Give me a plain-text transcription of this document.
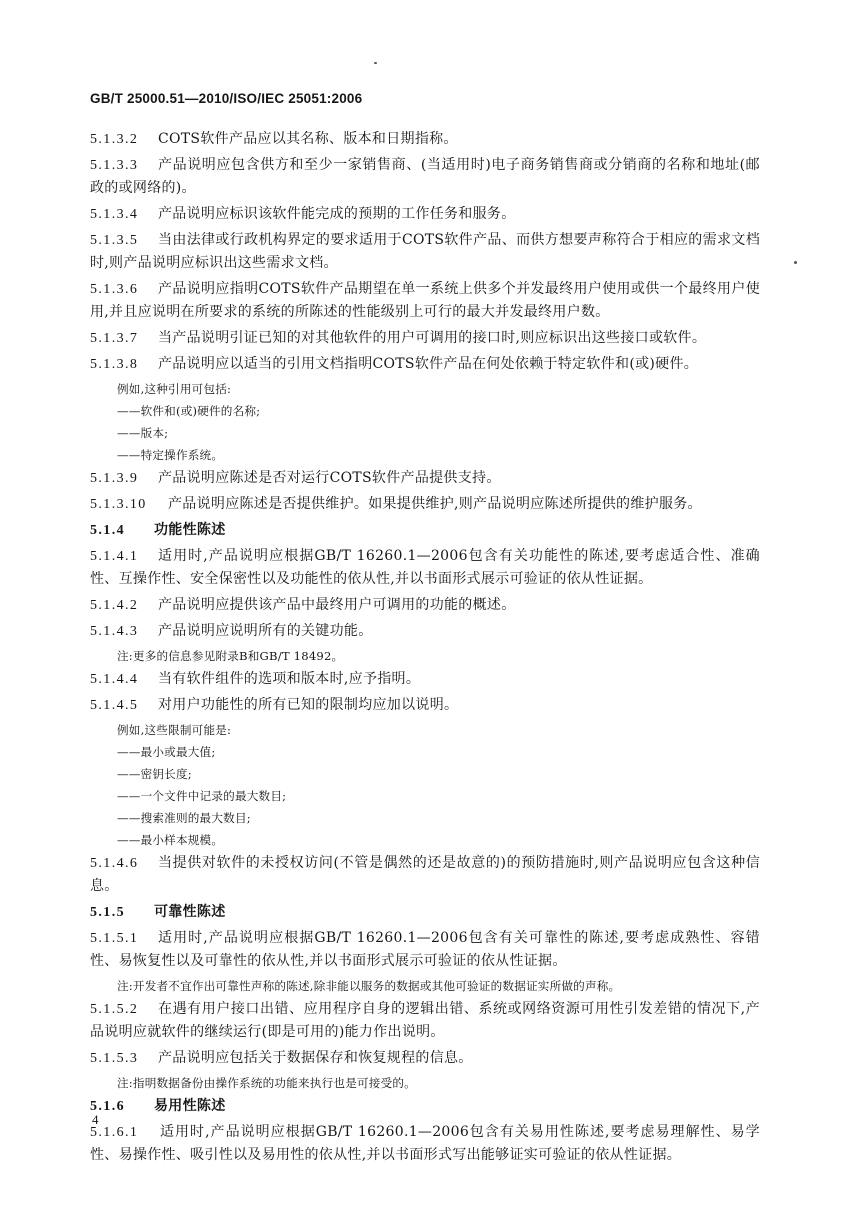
GB/T 25000.51—2010/ISO/IEC 25051:2006
5.1.3.2	COTS软件产品应以其名称、版本和日期指称。
5.1.3.3	产品说明应包含供方和至少一家销售商、(当适用时)电子商务销售商或分销商的名称和地址(邮政的或网络的)。
5.1.3.4	产品说明应标识该软件能完成的预期的工作任务和服务。
5.1.3.5	当由法律或行政机构界定的要求适用于COTS软件产品、而供方想要声称符合于相应的需求文档时,则产品说明应标识出这些需求文档。
5.1.3.6	产品说明应指明COTS软件产品期望在单一系统上供多个并发最终用户使用或供一个最终用户使用,并且应说明在所要求的系统的所陈述的性能级别上可行的最大并发最终用户数。
5.1.3.7	当产品说明引证已知的对其他软件的用户可调用的接口时,则应标识出这些接口或软件。
5.1.3.8	产品说明应以适当的引用文档指明COTS软件产品在何处依赖于特定软件和(或)硬件。
例如,这种引用可包括:
——软件和(或)硬件的名称;
——版本;
——特定操作系统。
5.1.3.9	产品说明应陈述是否对运行COTS软件产品提供支持。
5.1.3.10	产品说明应陈述是否提供维护。如果提供维护,则产品说明应陈述所提供的维护服务。
5.1.4	功能性陈述
5.1.4.1	适用时,产品说明应根据GB/T 16260.1—2006包含有关功能性的陈述,要考虑适合性、准确性、互操作性、安全保密性以及功能性的依从性,并以书面形式展示可验证的依从性证据。
5.1.4.2	产品说明应提供该产品中最终用户可调用的功能的概述。
5.1.4.3	产品说明应说明所有的关键功能。
注:更多的信息参见附录B和GB/T 18492。
5.1.4.4	当有软件组件的选项和版本时,应予指明。
5.1.4.5	对用户功能性的所有已知的限制均应加以说明。
例如,这些限制可能是:
——最小或最大值;
——密钥长度;
——一个文件中记录的最大数目;
——搜索准则的最大数目;
——最小样本规模。
5.1.4.6	当提供对软件的未授权访问(不管是偶然的还是故意的)的预防措施时,则产品说明应包含这种信息。
5.1.5	可靠性陈述
5.1.5.1	适用时,产品说明应根据GB/T 16260.1—2006包含有关可靠性的陈述,要考虑成熟性、容错性、易恢复性以及可靠性的依从性,并以书面形式展示可验证的依从性证据。
注:开发者不宜作出可靠性声称的陈述,除非能以服务的数据或其他可验证的数据证实所做的声称。
5.1.5.2	在遇有用户接口出错、应用程序自身的逻辑出错、系统或网络资源可用性引发差错的情况下,产品说明应就软件的继续运行(即是可用的)能力作出说明。
5.1.5.3	产品说明应包括关于数据保存和恢复规程的信息。
注:指明数据备份由操作系统的功能来执行也是可接受的。
5.1.6	易用性陈述
5.1.6.1	适用时,产品说明应根据GB/T 16260.1—2006包含有关易用性陈述,要考虑易理解性、易学性、易操作性、吸引性以及易用性的依从性,并以书面形式写出能够证实可验证的依从性证据。
4
